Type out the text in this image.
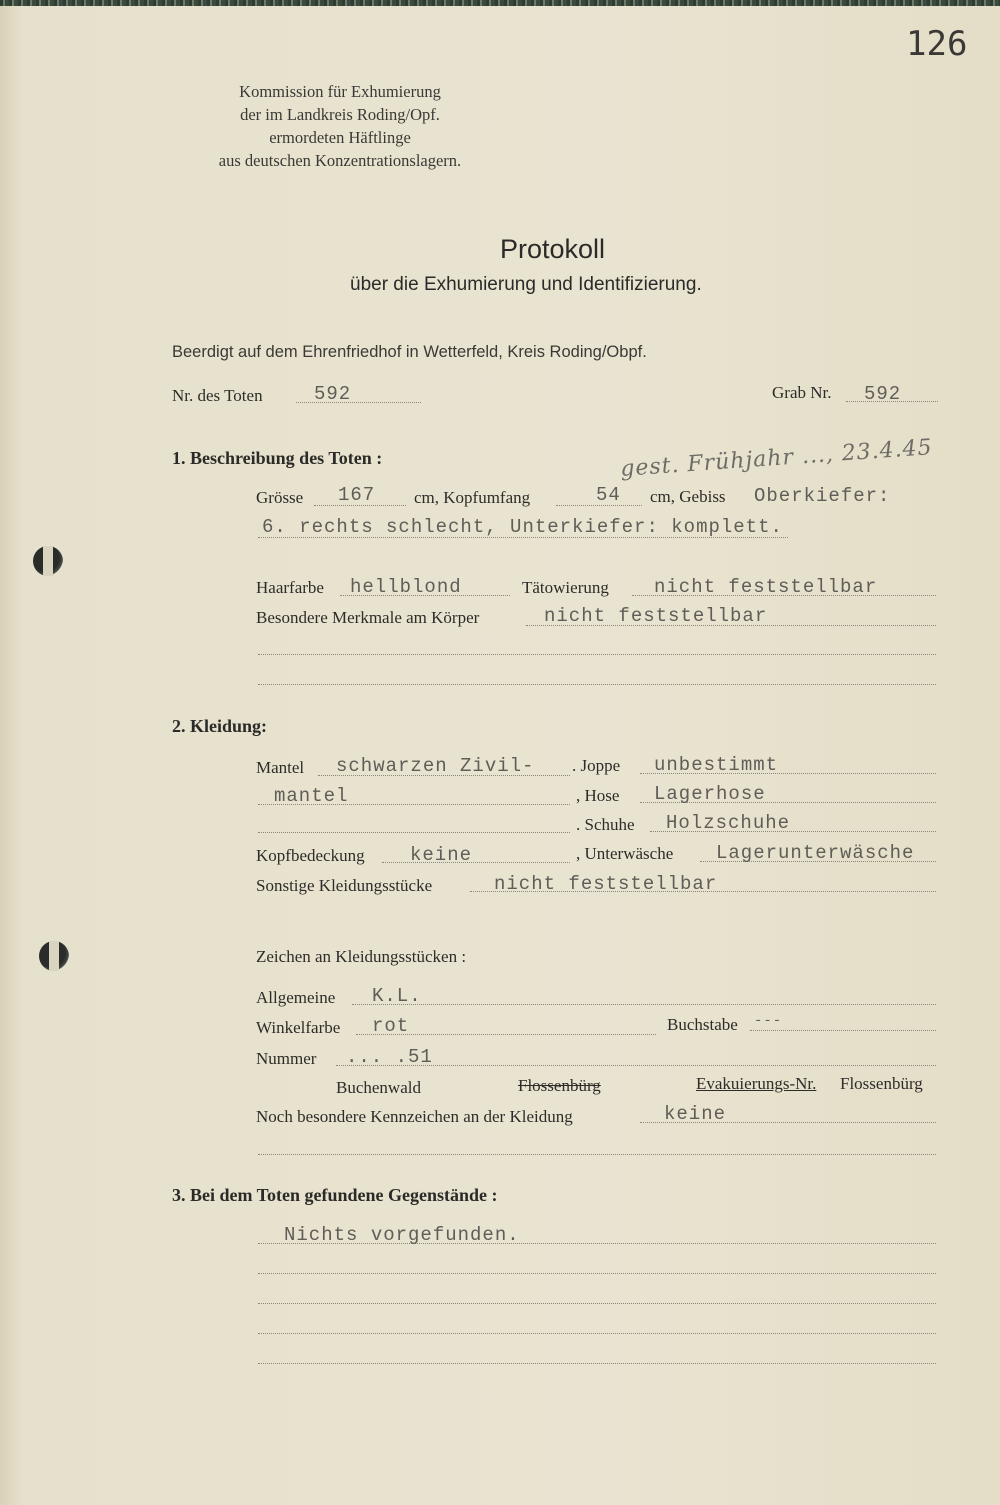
126
Kommission für Exhumierung
der im Landkreis Roding/Opf.
ermordeten Häftlinge
aus deutschen Konzentrationslagern.
Protokoll
über die Exhumierung und Identifizierung.
Beerdigt auf dem Ehrenfriedhof in Wetterfeld, Kreis Roding/Obpf.
Nr. des Toten	592	Grab Nr. 592
1. Beschreibung des Toten :	gest. Frühjahr ..., 23.4.45
Grösse 167 cm, Kopfumfang	54 cm, Gebiss Oberkiefer:
6. rechts schlecht, Unterkiefer: komplett.
Haarfarbe hellblond	Tätowierung nicht feststellbar
Besondere Merkmale am Körper	nicht feststellbar
2. Kleidung:
Mantel schwarzen Zivil- . Joppe unbestimmt
mantel	, Hose Lagerhose
. Schuhe Holzschuhe
Kopfbedeckung keine	, Unterwäsche Lagerunterwäsche
Sonstige Kleidungsstücke	nicht feststellbar
Zeichen an Kleidungsstücken :
Allgemeine K.L.
Winkelfarbe rot	Buchstabe ---
Nummer ... .51
Buchenwald	Flossenbürg	Evakuierungs-Nr. Flossenbürg
Noch besondere Kennzeichen an der Kleidung	keine
3. Bei dem Toten gefundene Gegenstände :
Nichts vorgefunden.
